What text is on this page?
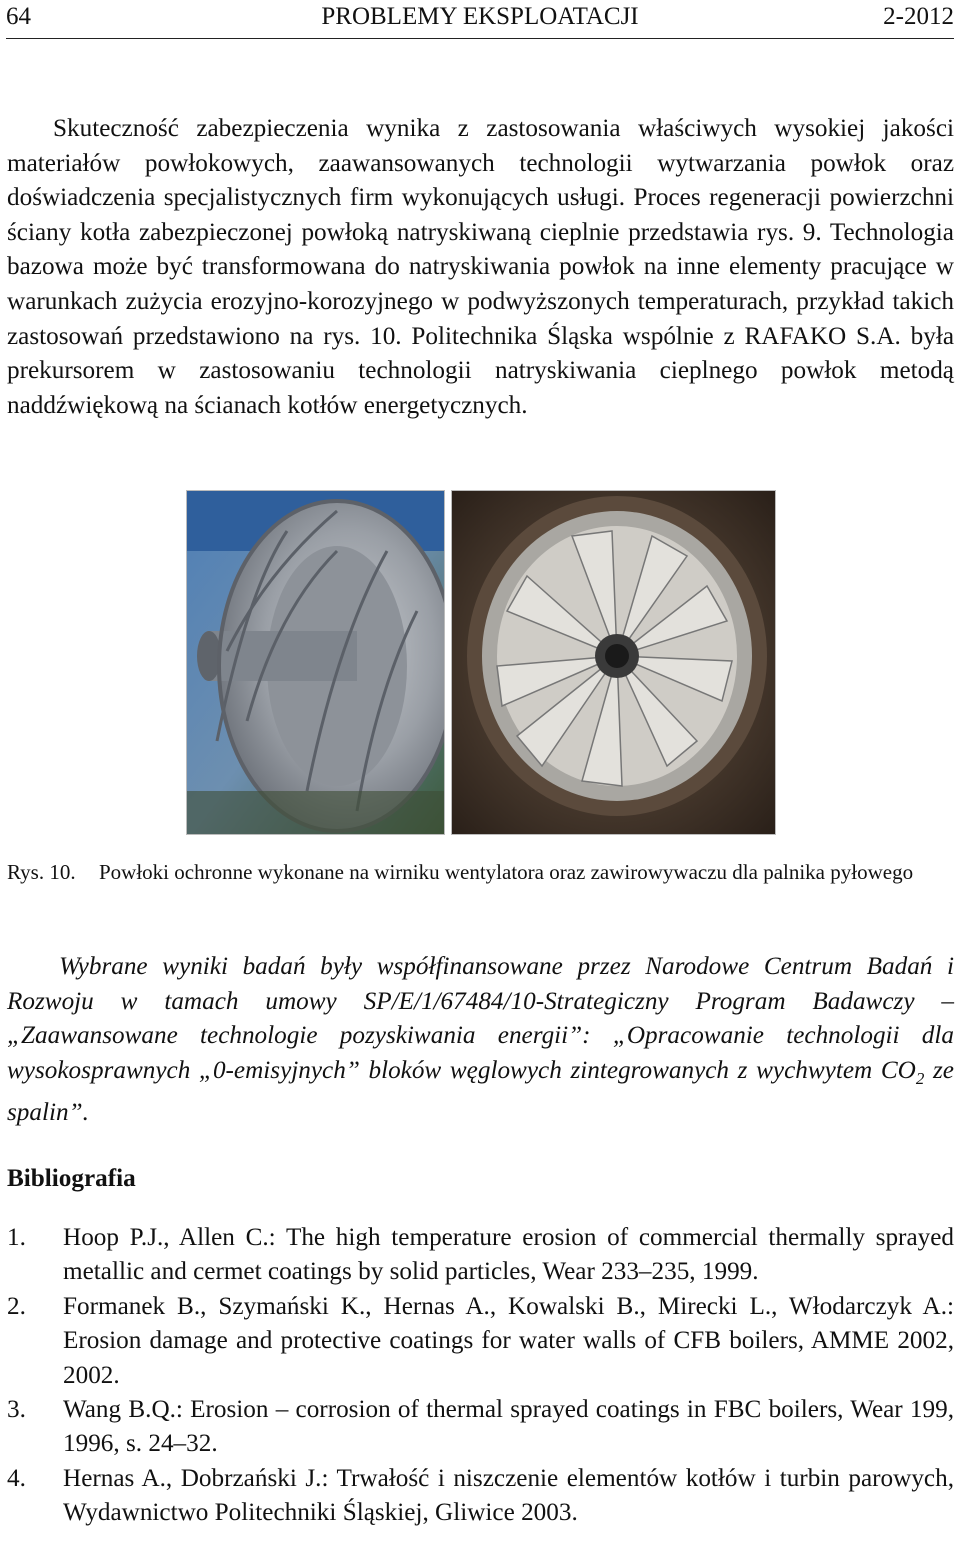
64	PROBLEMY EKSPLOATACJI	2-2012

Skuteczność zabezpieczenia wynika z zastosowania właściwych wysokiej jakości materiałów powłokowych, zaawansowanych technologii wytwarzania powłok oraz doświadczenia specjalistycznych firm wykonujących usługi. Proces regeneracji powierzchni ściany kotła zabezpieczonej powłoką natryskiwaną cieplnie przedstawia rys. 9. Technologia bazowa może być transformowana do natryskiwania powłok na inne elementy pracujące w warunkach zużycia erozyjno-korozyjnego w podwyższonych temperaturach, przykład takich zastosowań przedstawiono na rys. 10. Politechnika Śląska wspólnie z RAFAKO S.A. była prekursorem w zastosowaniu technologii natryskiwania cieplnego powłok metodą naddźwiękową na ścianach kotłów energetycznych.

Rys. 10. Powłoki ochronne wykonane na wirniku wentylatora oraz zawirowywaczu dla palnika pyłowego

Wybrane wyniki badań były współfinansowane przez Narodowe Centrum Badań i Rozwoju w tamach umowy SP/E/1/67484/10-Strategiczny Program Badawczy – „Zaawansowane technologie pozyskiwania energii”: „Opracowanie technologii dla wysokosprawnych „0-emisyjnych” bloków węglowych zintegrowanych z wychwytem $CO_2$ ze spalin”.

Bibliografia
1. Hoop P.J., Allen C.: The high temperature erosion of commercial thermally sprayed metallic and cermet coatings by solid particles, Wear 233–235, 1999.
2. Formanek B., Szymański K., Hernas A., Kowalski B., Mirecki L., Włodarczyk A.: Erosion damage and protective coatings for water walls of CFB boilers, AMME 2002, 2002.
3. Wang B.Q.: Erosion – corrosion of thermal sprayed coatings in FBC boilers, Wear 199, 1996, s. 24–32.
4. Hernas A., Dobrzański J.: Trwałość i niszczenie elementów kotłów i turbin parowych, Wydawnictwo Politechniki Śląskiej, Gliwice 2003.
